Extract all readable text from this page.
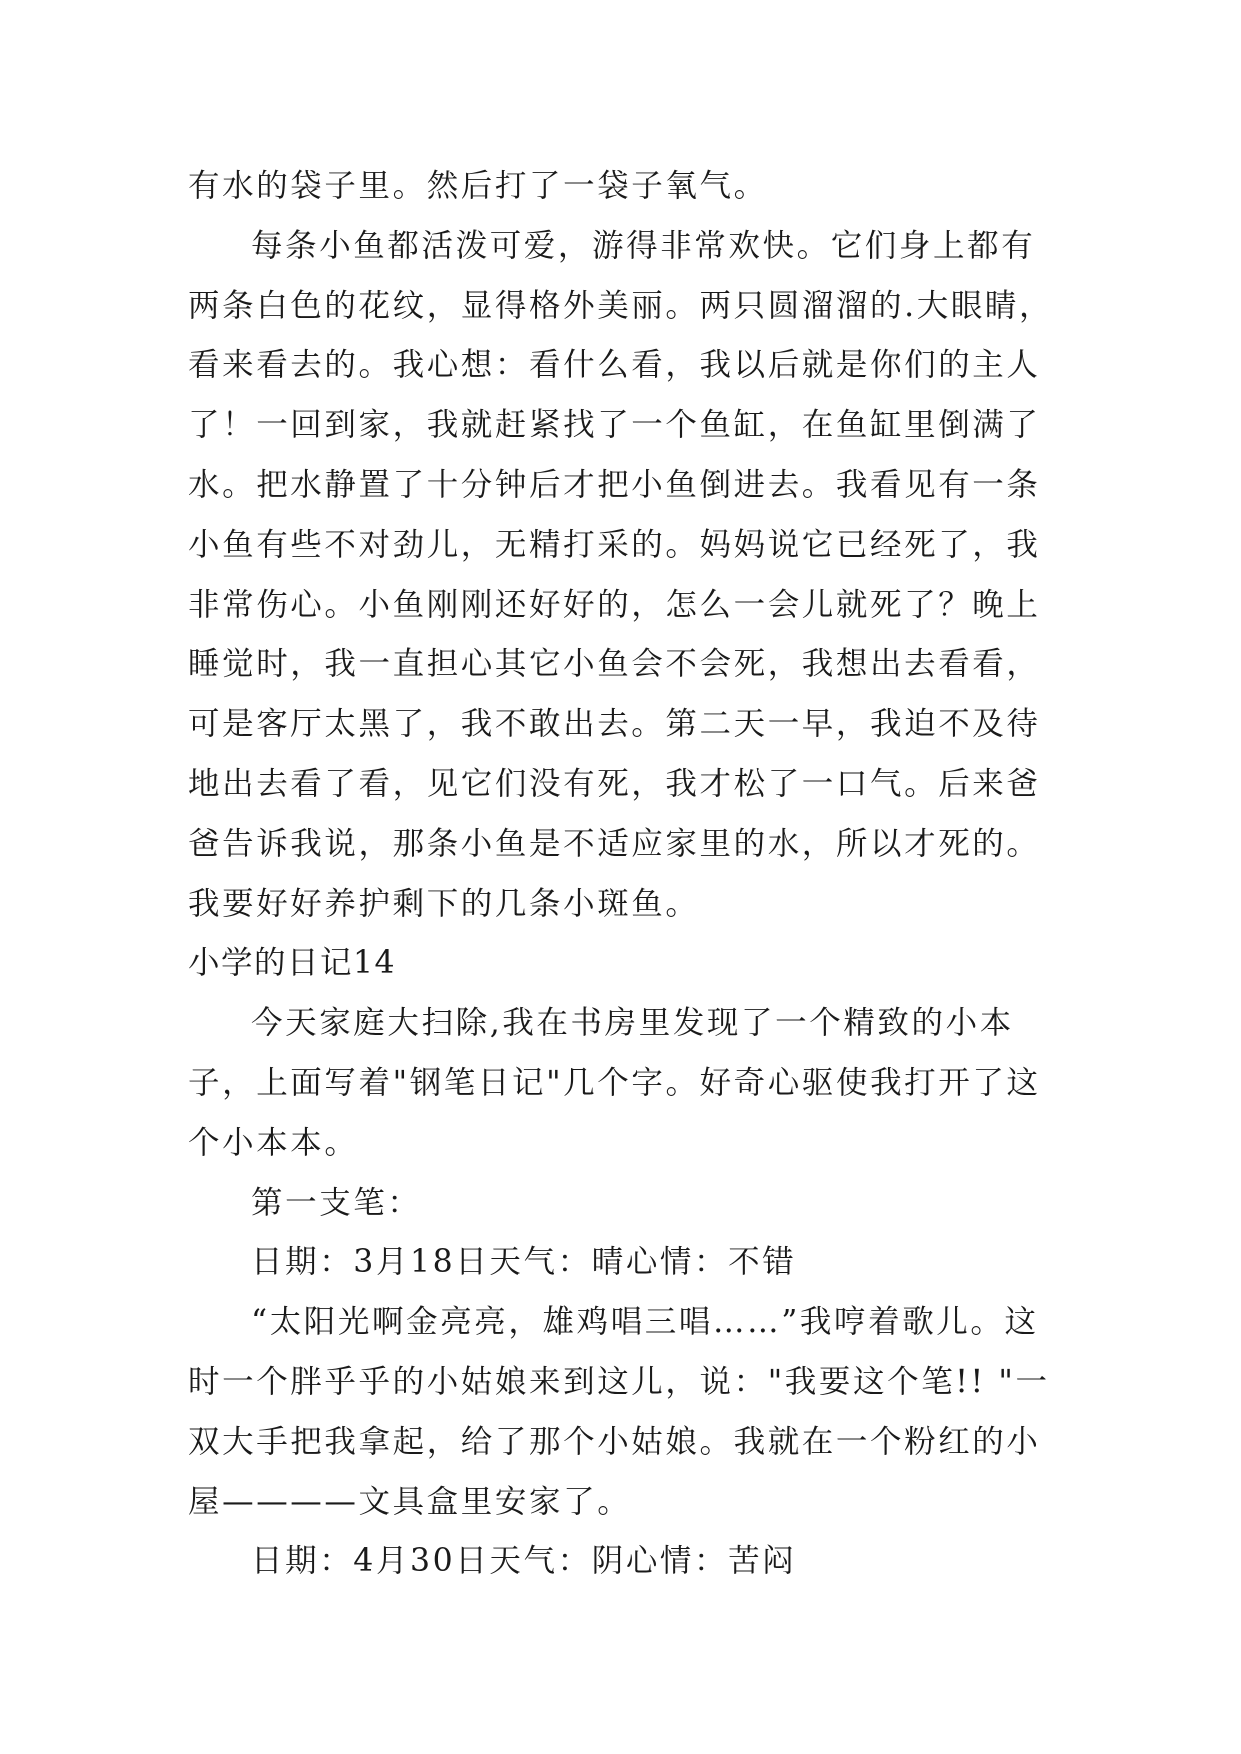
有水的袋子里。然后打了一袋子氧气。

每条小鱼都活泼可爱，游得非常欢快。它们身上都有两条白色的花纹，显得格外美丽。两只圆溜溜的.大眼睛，看来看去的。我心想：看什么看，我以后就是你们的主人了！一回到家，我就赶紧找了一个鱼缸，在鱼缸里倒满了水。把水静置了十分钟后才把小鱼倒进去。我看见有一条小鱼有些不对劲儿，无精打采的。妈妈说它已经死了，我非常伤心。小鱼刚刚还好好的，怎么一会儿就死了？晚上睡觉时，我一直担心其它小鱼会不会死，我想出去看看，可是客厅太黑了，我不敢出去。第二天一早，我迫不及待地出去看了看，见它们没有死，我才松了一口气。后来爸爸告诉我说，那条小鱼是不适应家里的水，所以才死的。我要好好养护剩下的几条小斑鱼。

小学的日记14

今天家庭大扫除,我在书房里发现了一个精致的小本子，上面写着"钢笔日记"几个字。好奇心驱使我打开了这个小本本。

第一支笔：

日期：3月18日天气：晴心情：不错

“太阳光啊金亮亮，雄鸡唱三唱……”我哼着歌儿。这时一个胖乎乎的小姑娘来到这儿，说："我要这个笔!! "一双大手把我拿起，给了那个小姑娘。我就在一个粉红的小屋————文具盒里安家了。

日期：4月30日天气：阴心情：苦闷
